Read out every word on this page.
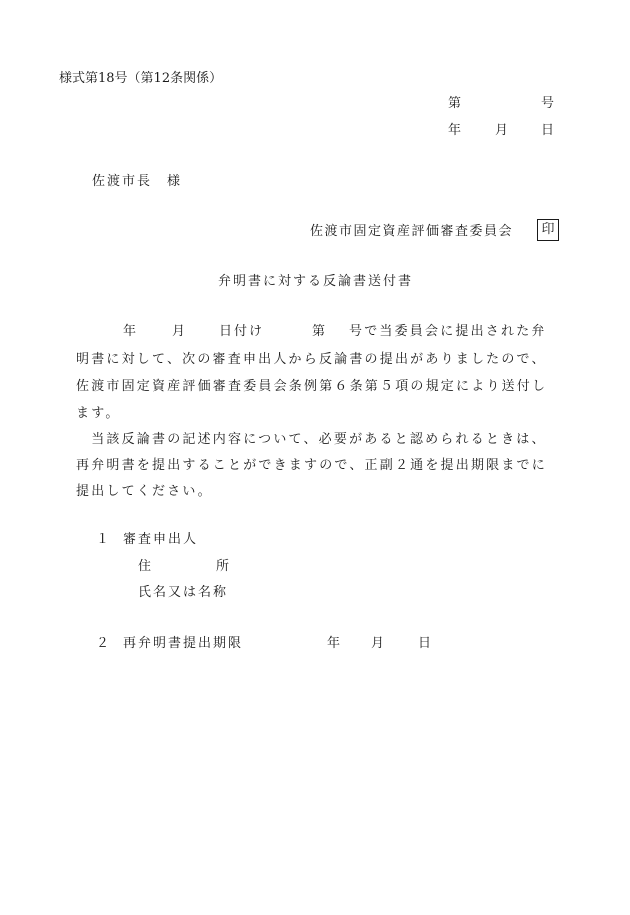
様式第18号（第12条関係）
第	号
年	月	日
佐渡市長　様
佐渡市固定資産評価審査委員会	印
弁明書に対する反論書送付書
年	月	日付け	第 号で当委員会に提出された弁
明書に対して、次の審査申出人から反論書の提出がありましたので、
佐渡市固定資産評価審査委員会条例第６条第５項の規定により送付し
ます。
　当該反論書の記述内容について、必要があると認められるときは、
再弁明書を提出することができますので、正副２通を提出期限までに
提出してください。
１ 審査申出人
住	所
氏名又は名称
２ 再弁明書提出期限	年 月	日
